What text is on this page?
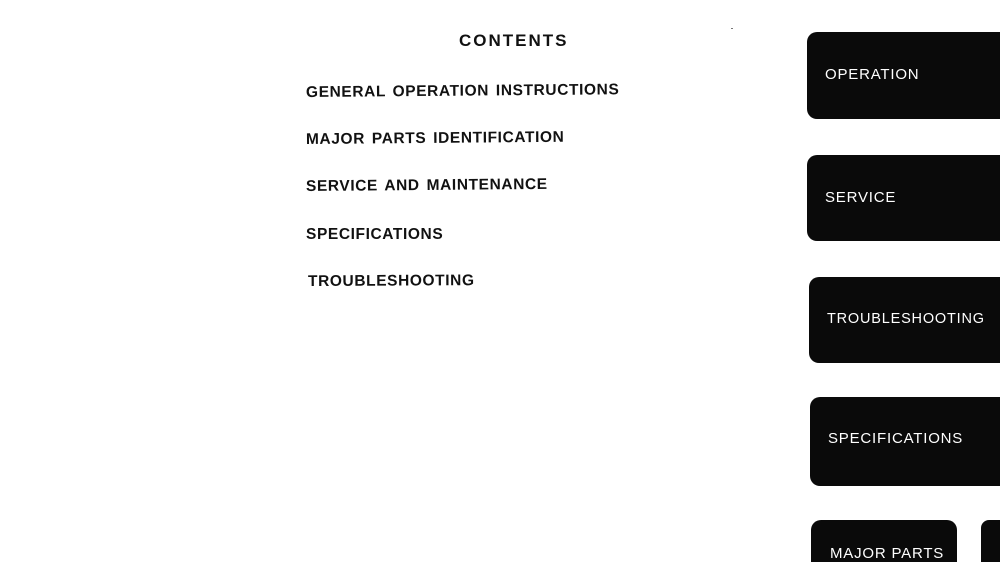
CONTENTS
GENERAL OPERATION INSTRUCTIONS
MAJOR PARTS IDENTIFICATION
SERVICE AND MAINTENANCE
SPECIFICATIONS
TROUBLESHOOTING
OPERATION
SERVICE
TROUBLESHOOTING
SPECIFICATIONS
MAJOR PARTS
